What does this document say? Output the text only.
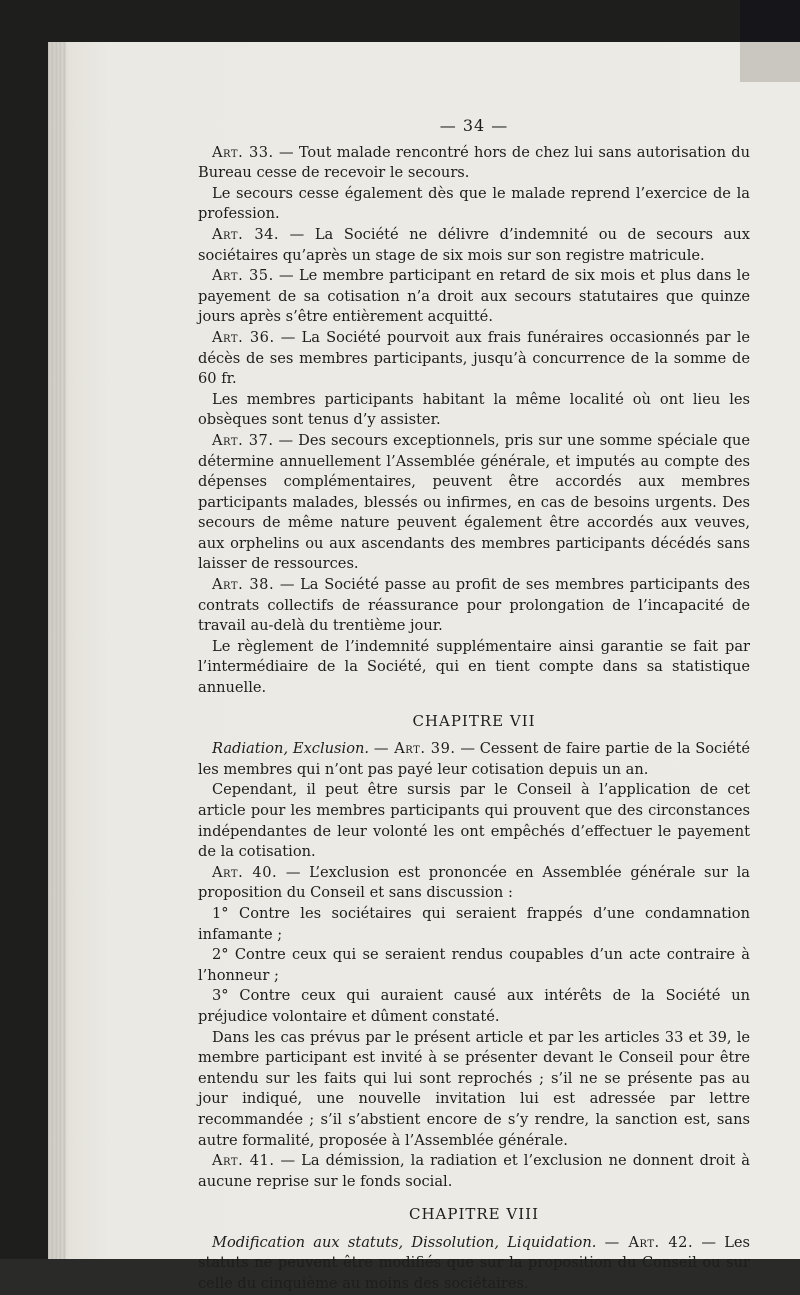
— 34 —

Art. 33. — Tout malade rencontré hors de chez lui sans autorisation du Bureau cesse de recevoir le secours.

Le secours cesse également dès que le malade reprend l’exercice de la profession.

Art. 34. — La Société ne délivre d’indemnité ou de secours aux sociétaires qu’après un stage de six mois sur son registre matricule.

Art. 35. — Le membre participant en retard de six mois et plus dans le payement de sa cotisation n’a droit aux secours statutaires que quinze jours après s’être entièrement acquitté.

Art. 36. — La Société pourvoit aux frais funéraires occasionnés par le décès de ses membres participants, jusqu’à concurrence de la somme de 60 fr.

Les membres participants habitant la même localité où ont lieu les obsèques sont tenus d’y assister.

Art. 37. — Des secours exceptionnels, pris sur une somme spéciale que détermine annuellement l’Assemblée générale, et imputés au compte des dépenses complémentaires, peuvent être accordés aux membres participants malades, blessés ou infirmes, en cas de besoins urgents. Des secours de même nature peuvent également être accordés aux veuves, aux orphelins ou aux ascendants des membres participants décédés sans laisser de ressources.

Art. 38. — La Société passe au profit de ses membres participants des contrats collectifs de réassurance pour prolongation de l’incapacité de travail au-delà du trentième jour.

Le règlement de l’indemnité supplémentaire ainsi garantie se fait par l’intermédiaire de la Société, qui en tient compte dans sa statistique annuelle.

CHAPITRE VII

Radiation, Exclusion. — Art. 39. — Cessent de faire partie de la Société les membres qui n’ont pas payé leur cotisation depuis un an.

Cependant, il peut être sursis par le Conseil à l’application de cet article pour les membres participants qui prouvent que des circonstances indépendantes de leur volonté les ont empêchés d’effectuer le payement de la cotisation.

Art. 40. — L’exclusion est prononcée en Assemblée générale sur la proposition du Conseil et sans discussion :

1° Contre les sociétaires qui seraient frappés d’une condamnation infamante ;

2° Contre ceux qui se seraient rendus coupables d’un acte contraire à l’honneur ;

3° Contre ceux qui auraient causé aux intérêts de la Société un préjudice volontaire et dûment constaté.

Dans les cas prévus par le présent article et par les articles 33 et 39, le membre participant est invité à se présenter devant le Conseil pour être entendu sur les faits qui lui sont reprochés ; s’il ne se présente pas au jour indiqué, une nouvelle invitation lui est adressée par lettre recommandée ; s’il s’abstient encore de s’y rendre, la sanction est, sans autre formalité, proposée à l’Assemblée générale.

Art. 41. — La démission, la radiation et l’exclusion ne donnent droit à aucune reprise sur le fonds social.

CHAPITRE VIII

Modification aux statuts, Dissolution, Liquidation. — Art. 42. — Les statuts ne peuvent être modifiés que sur la proposition du Conseil ou sur celle du cinquième au moins des sociétaires.
